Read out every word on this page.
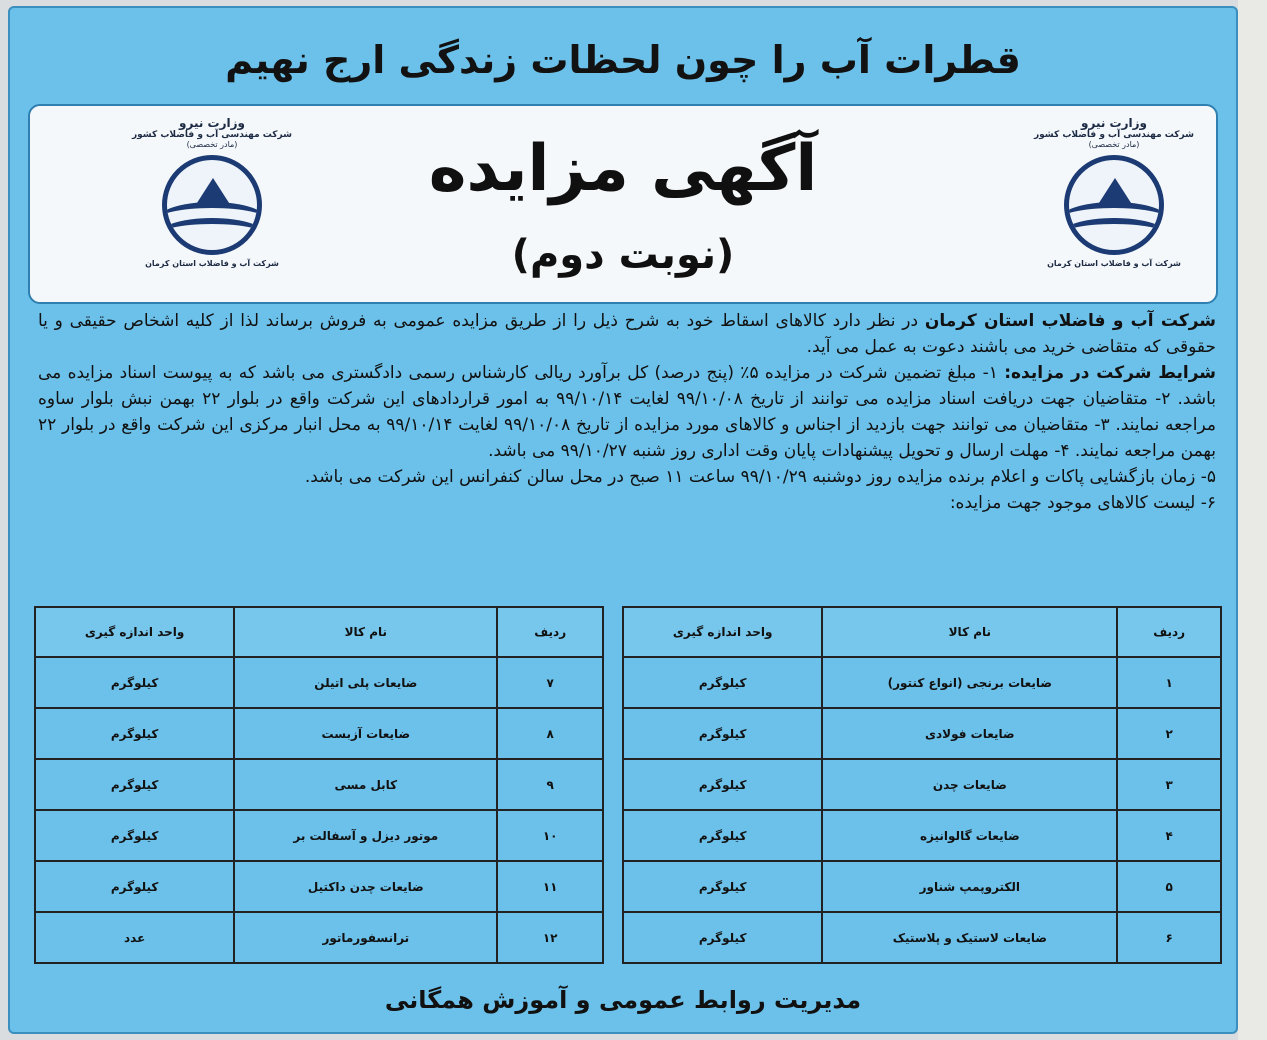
قطرات آب را چون لحظات زندگی ارج نهیم
وزارت نیرو
شرکت مهندسی آب و فاضلاب کشور
(مادر تخصصی)
شرکت آب و فاضلاب استان کرمان
آگهی مزایده
(نوبت دوم)
وزارت نیرو
شرکت مهندسی آب و فاضلاب کشور
(مادر تخصصی)
شرکت آب و فاضلاب استان کرمان

شرکت آب و فاضلاب استان کرمان در نظر دارد کالاهای اسقاط خود به شرح ذیل را از طریق مزایده عمومی به فروش برساند لذا از کلیه اشخاص حقیقی و یا حقوقی که متقاضی خرید می باشند دعوت به عمل می آید.

شرایط شرکت در مزایده: ۱- مبلغ تضمین شرکت در مزایده ۵٪ (پنج درصد) کل برآورد ریالی کارشناس رسمی دادگستری می باشد که به پیوست اسناد مزایده می باشد. ۲- متقاضیان جهت دریافت اسناد مزایده می توانند از تاریخ ۹۹/۱۰/۰۸ لغایت ۹۹/۱۰/۱۴ به امور قراردادهای این شرکت واقع در بلوار ۲۲ بهمن نبش بلوار ساوه مراجعه نمایند. ۳- متقاضیان می توانند جهت بازدید از اجناس و کالاهای مورد مزایده از تاریخ ۹۹/۱۰/۰۸ لغایت ۹۹/۱۰/۱۴ به محل انبار مرکزی این شرکت واقع در بلوار ۲۲ بهمن مراجعه نمایند. ۴- مهلت ارسال و تحویل پیشنهادات پایان وقت اداری روز شنبه ۹۹/۱۰/۲۷ می باشد.

۵- زمان بازگشایی پاکات و اعلام برنده مزایده روز دوشنبه ۹۹/۱۰/۲۹ ساعت ۱۱ صبح در محل سالن کنفرانس این شرکت می باشد.

۶- لیست کالاهای موجود جهت مزایده:

ردیف	نام کالا	واحد اندازه گیری
۱	ضایعات برنجی (انواع کنتور)	کیلوگرم
۲	ضایعات فولادی	کیلوگرم
۳	ضایعات چدن	کیلوگرم
۴	ضایعات گالوانیزه	کیلوگرم
۵	الکتروپمپ شناور	کیلوگرم
۶	ضایعات لاستیک و پلاستیک	کیلوگرم
ردیف	نام کالا	واحد اندازه گیری
۷	ضایعات پلی اتیلن	کیلوگرم
۸	ضایعات آزبست	کیلوگرم
۹	کابل مسی	کیلوگرم
۱۰	موتور دیزل و آسفالت بر	کیلوگرم
۱۱	ضایعات چدن داکتیل	کیلوگرم
۱۲	ترانسفورماتور	عدد
مدیریت روابط عمومی و آموزش همگانی
